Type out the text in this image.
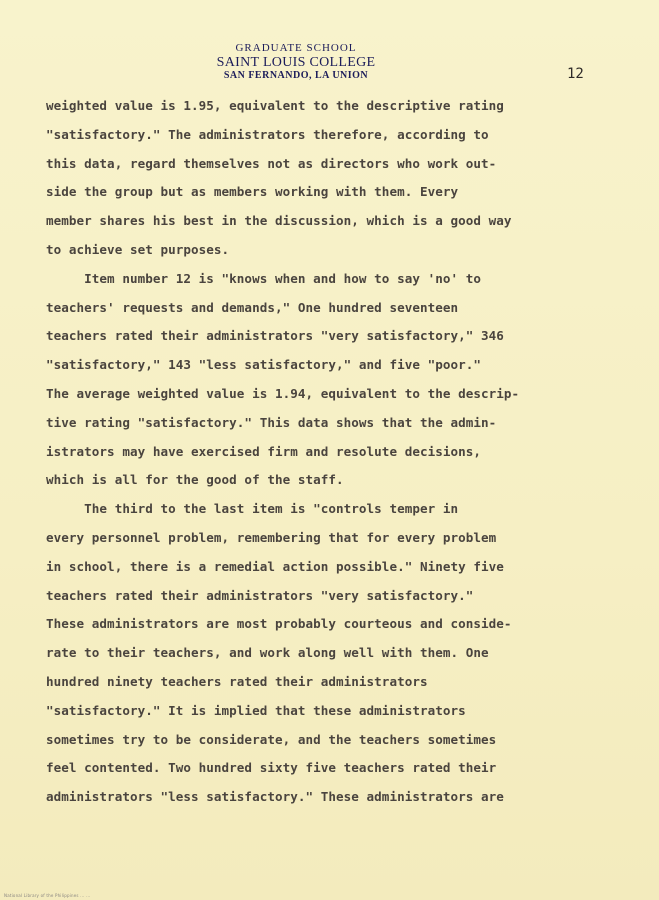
GRADUATE SCHOOL
SAINT LOUIS COLLEGE
SAN FERNANDO, LA UNION	12
weighted value is 1.95, equivalent to the descriptive rating
"satisfactory." The administrators therefore, according to
this data, regard themselves not as directors who work out-
side the group but as members working with them. Every
member shares his best in the discussion, which is a good way
to achieve set purposes.
Item number 12 is "knows when and how to say 'no' to
teachers' requests and demands," One hundred seventeen
teachers rated their administrators "very satisfactory," 346
"satisfactory," 143 "less satisfactory," and five "poor."
The average weighted value is 1.94, equivalent to the descrip-
tive rating "satisfactory." This data shows that the admin-
istrators may have exercised firm and resolute decisions,
which is all for the good of the staff.
The third to the last item is "controls temper in
every personnel problem, remembering that for every problem
in school, there is a remedial action possible." Ninety five
teachers rated their administrators "very satisfactory."
These administrators are most probably courteous and conside-
rate to their teachers, and work along well with them. One
hundred ninety teachers rated their administrators
"satisfactory." It is implied that these administrators
sometimes try to be considerate, and the teachers sometimes
feel contented. Two hundred sixty five teachers rated their
administrators "less satisfactory." These administrators are
National Library of the Philippines ... ...
